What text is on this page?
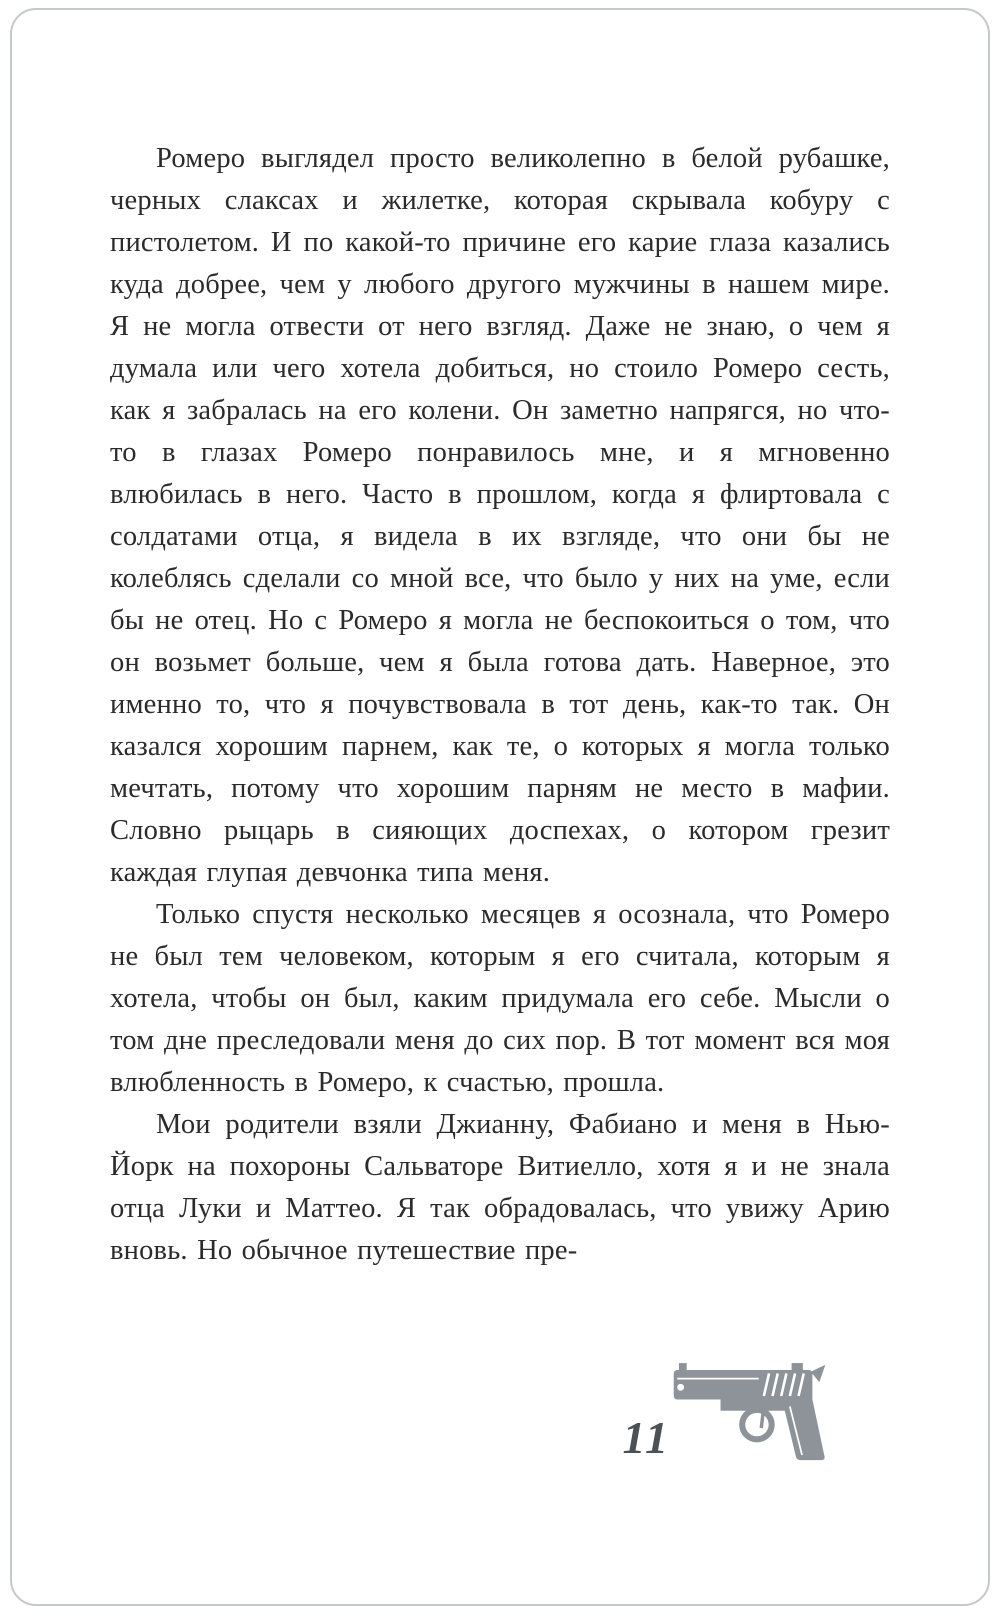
Ромеро выглядел просто великолепно в белой рубашке, черных слаксах и жилетке, которая скрывала кобуру с пистолетом. И по какой-то причине его карие глаза казались куда добрее, чем у любого другого мужчины в нашем мире. Я не могла отвести от него взгляд. Даже не знаю, о чем я думала или чего хотела добиться, но стоило Ромеро сесть, как я забралась на его колени. Он заметно напрягся, но что-то в глазах Ромеро понравилось мне, и я мгновенно влюбилась в него. Часто в прошлом, когда я флиртовала с солдатами отца, я видела в их взгляде, что они бы не колеблясь сделали со мной все, что было у них на уме, если бы не отец. Но с Ромеро я могла не беспокоиться о том, что он возьмет больше, чем я была готова дать. Наверное, это именно то, что я почувствовала в тот день, как-то так. Он казался хорошим парнем, как те, о которых я могла только мечтать, потому что хорошим парням не место в мафии. Словно рыцарь в сияющих доспехах, о котором грезит каждая глупая девчонка типа меня.

Только спустя несколько месяцев я осознала, что Ромеро не был тем человеком, которым я его считала, которым я хотела, чтобы он был, каким придумала его себе. Мысли о том дне преследовали меня до сих пор. В тот момент вся моя влюбленность в Ромеро, к счастью, прошла.

Мои родители взяли Джианну, Фабиано и меня в Нью-Йорк на похороны Сальваторе Витиелло, хотя я и не знала отца Луки и Маттео. Я так обрадовалась, что увижу Арию вновь. Но обычное путешествие пре-

11
